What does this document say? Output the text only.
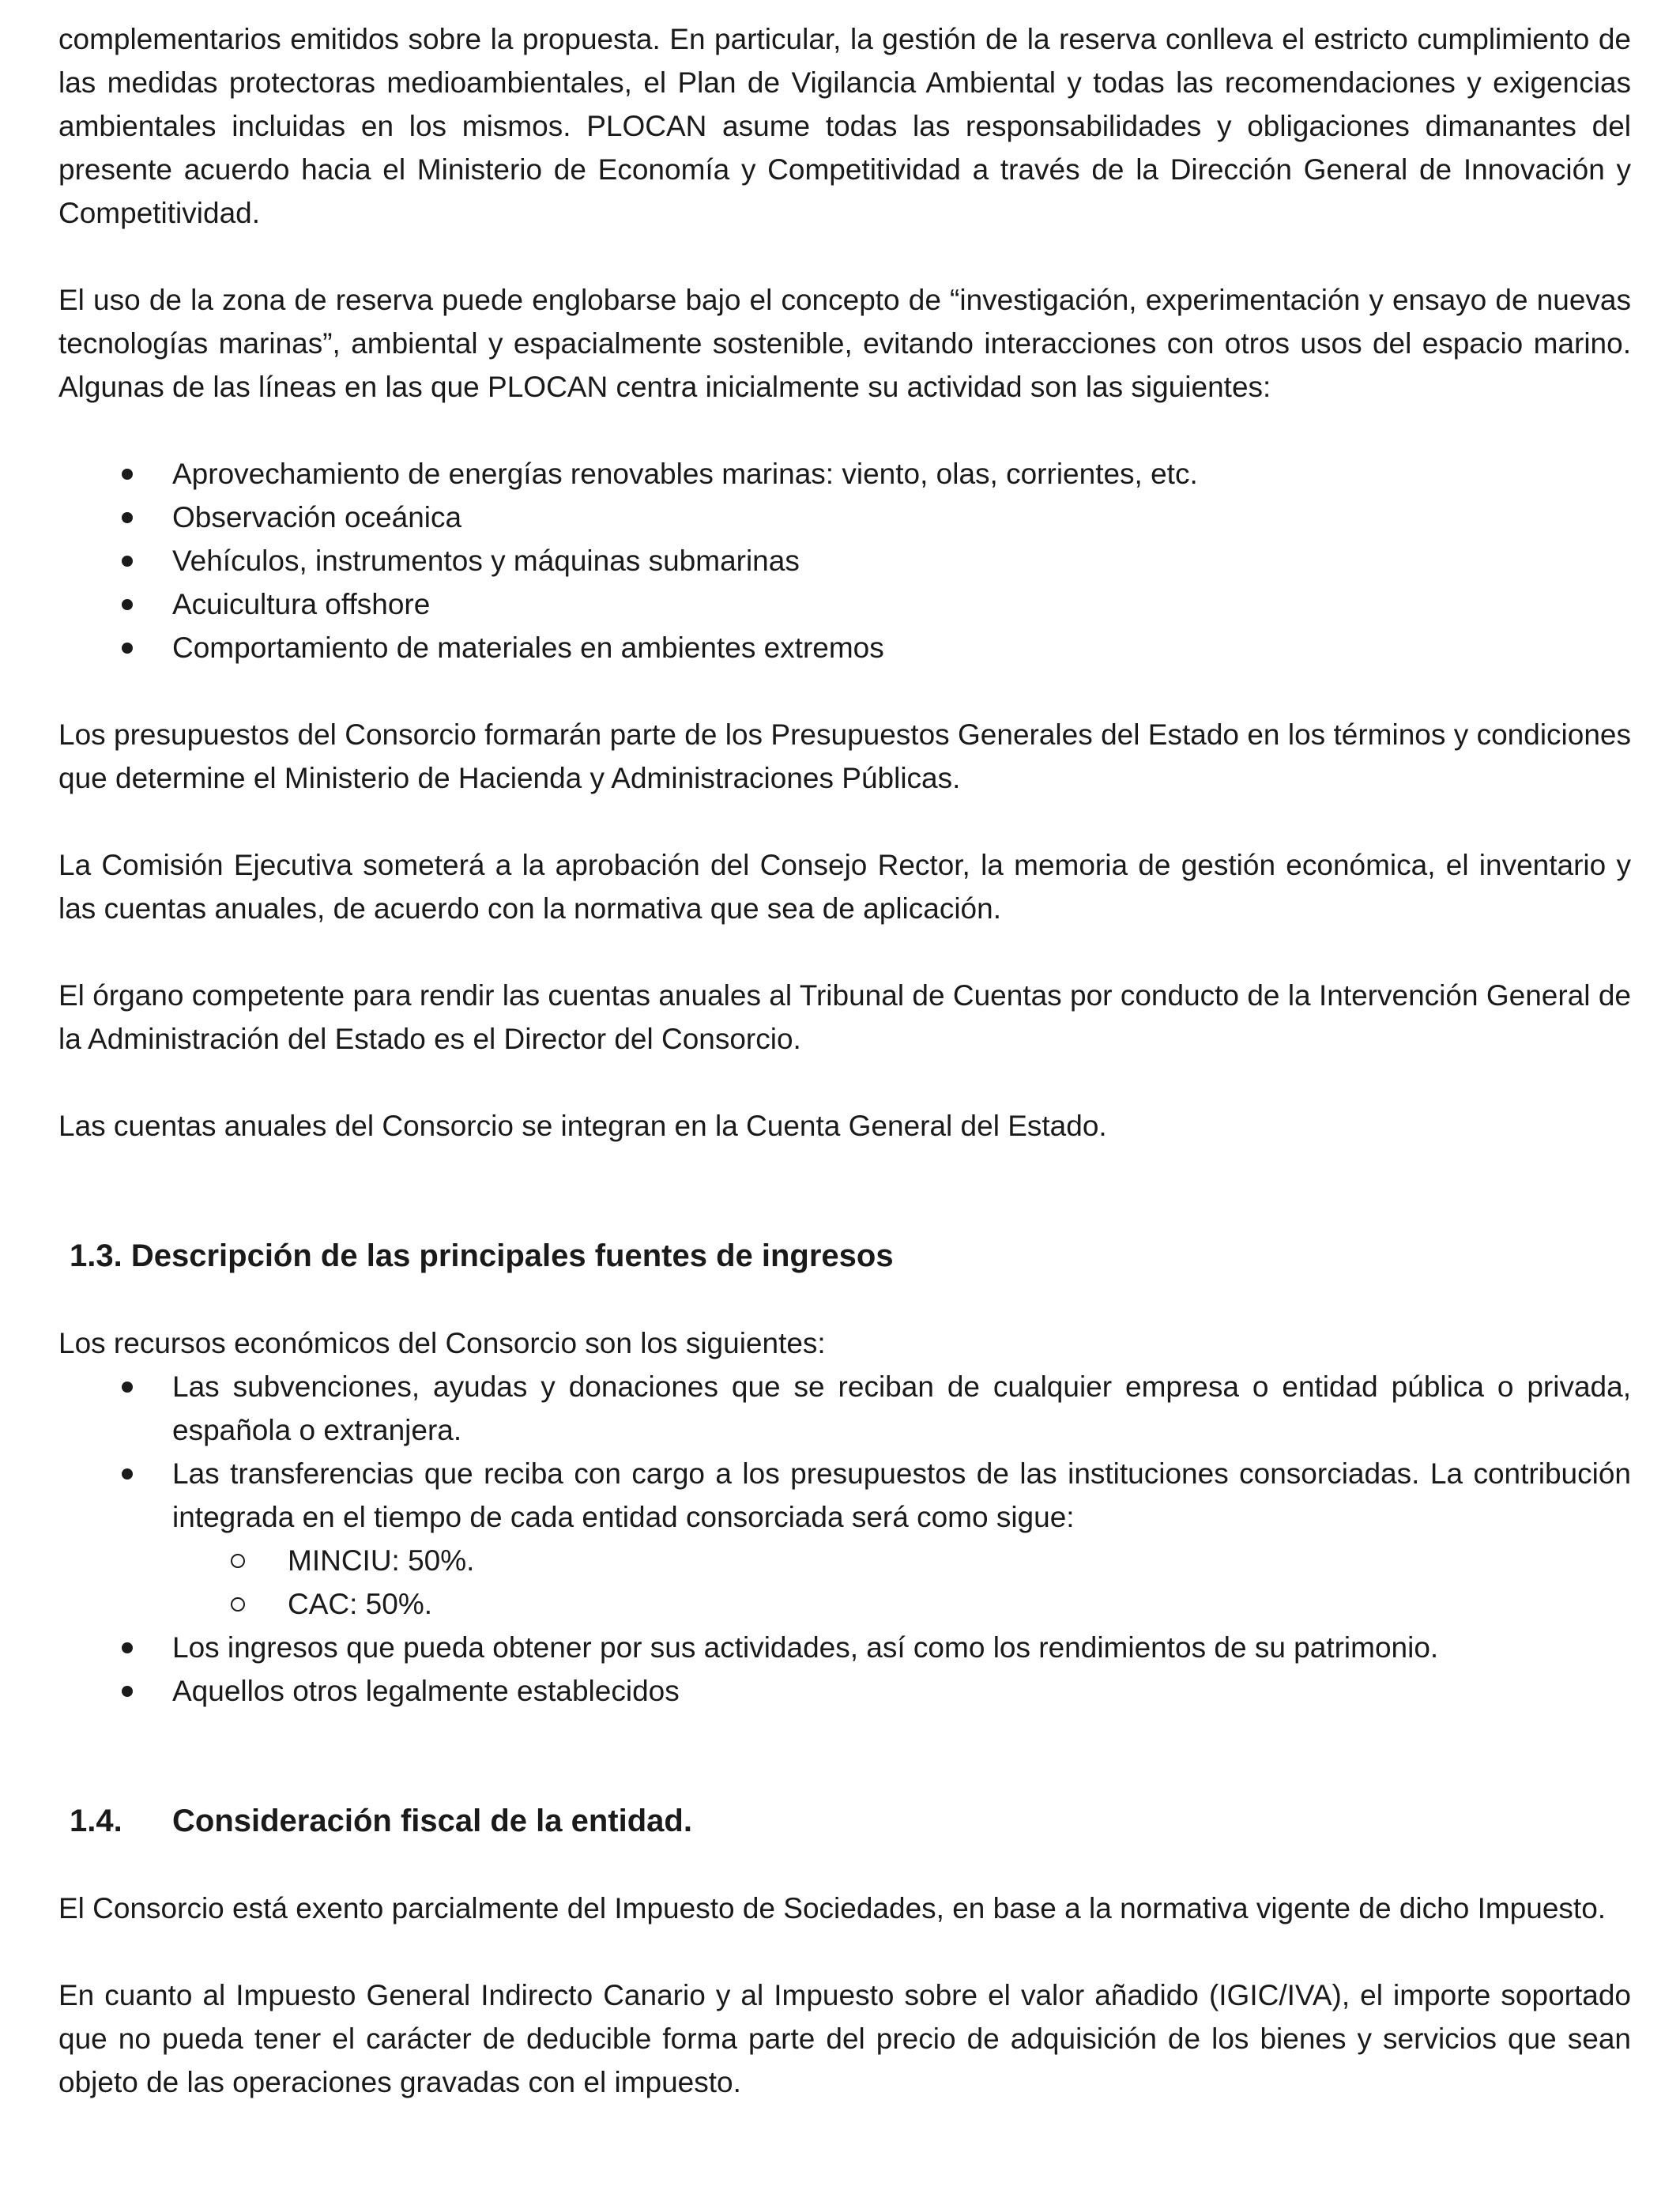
complementarios emitidos sobre la propuesta. En particular, la gestión de la reserva conlleva el estricto cumplimiento de las medidas protectoras medioambientales, el Plan de Vigilancia Ambiental y todas las recomendaciones y exigencias ambientales incluidas en los mismos. PLOCAN asume todas las responsabilidades y obligaciones dimanantes del presente acuerdo hacia el Ministerio de Economía y Competitividad a través de la Dirección General de Innovación y Competitividad.

El uso de la zona de reserva puede englobarse bajo el concepto de “investigación, experimentación y ensayo de nuevas tecnologías marinas”, ambiental y espacialmente sostenible, evitando interacciones con otros usos del espacio marino. Algunas de las líneas en las que PLOCAN centra inicialmente su actividad son las siguientes:

Aprovechamiento de energías renovables marinas: viento, olas, corrientes, etc.
Observación oceánica
Vehículos, instrumentos y máquinas submarinas
Acuicultura offshore
Comportamiento de materiales en ambientes extremos

Los presupuestos del Consorcio formarán parte de los Presupuestos Generales del Estado en los términos y condiciones que determine el Ministerio de Hacienda y Administraciones Públicas.

La Comisión Ejecutiva someterá a la aprobación del Consejo Rector, la memoria de gestión económica, el inventario y las cuentas anuales, de acuerdo con la normativa que sea de aplicación.

El órgano competente para rendir las cuentas anuales al Tribunal de Cuentas por conducto de la Intervención General de la Administración del Estado es el Director del Consorcio.

Las cuentas anuales del Consorcio se integran en la Cuenta General del Estado.

1.3. Descripción de las principales fuentes de ingresos

Los recursos económicos del Consorcio son los siguientes:

Las subvenciones, ayudas y donaciones que se reciban de cualquier empresa o entidad pública o privada, española o extranjera.
Las transferencias que reciba con cargo a los presupuestos de las instituciones consorciadas. La contribución integrada en el tiempo de cada entidad consorciada será como sigue:
MINCIU: 50%.
CAC: 50%.
Los ingresos que pueda obtener por sus actividades, así como los rendimientos de su patrimonio.
Aquellos otros legalmente establecidos
1.4. Consideración fiscal de la entidad.

El Consorcio está exento parcialmente del Impuesto de Sociedades, en base a la normativa vigente de dicho Impuesto.

En cuanto al Impuesto General Indirecto Canario y al Impuesto sobre el valor añadido (IGIC/IVA), el importe soportado que no pueda tener el carácter de deducible forma parte del precio de adquisición de los bienes y servicios que sean objeto de las operaciones gravadas con el impuesto.
